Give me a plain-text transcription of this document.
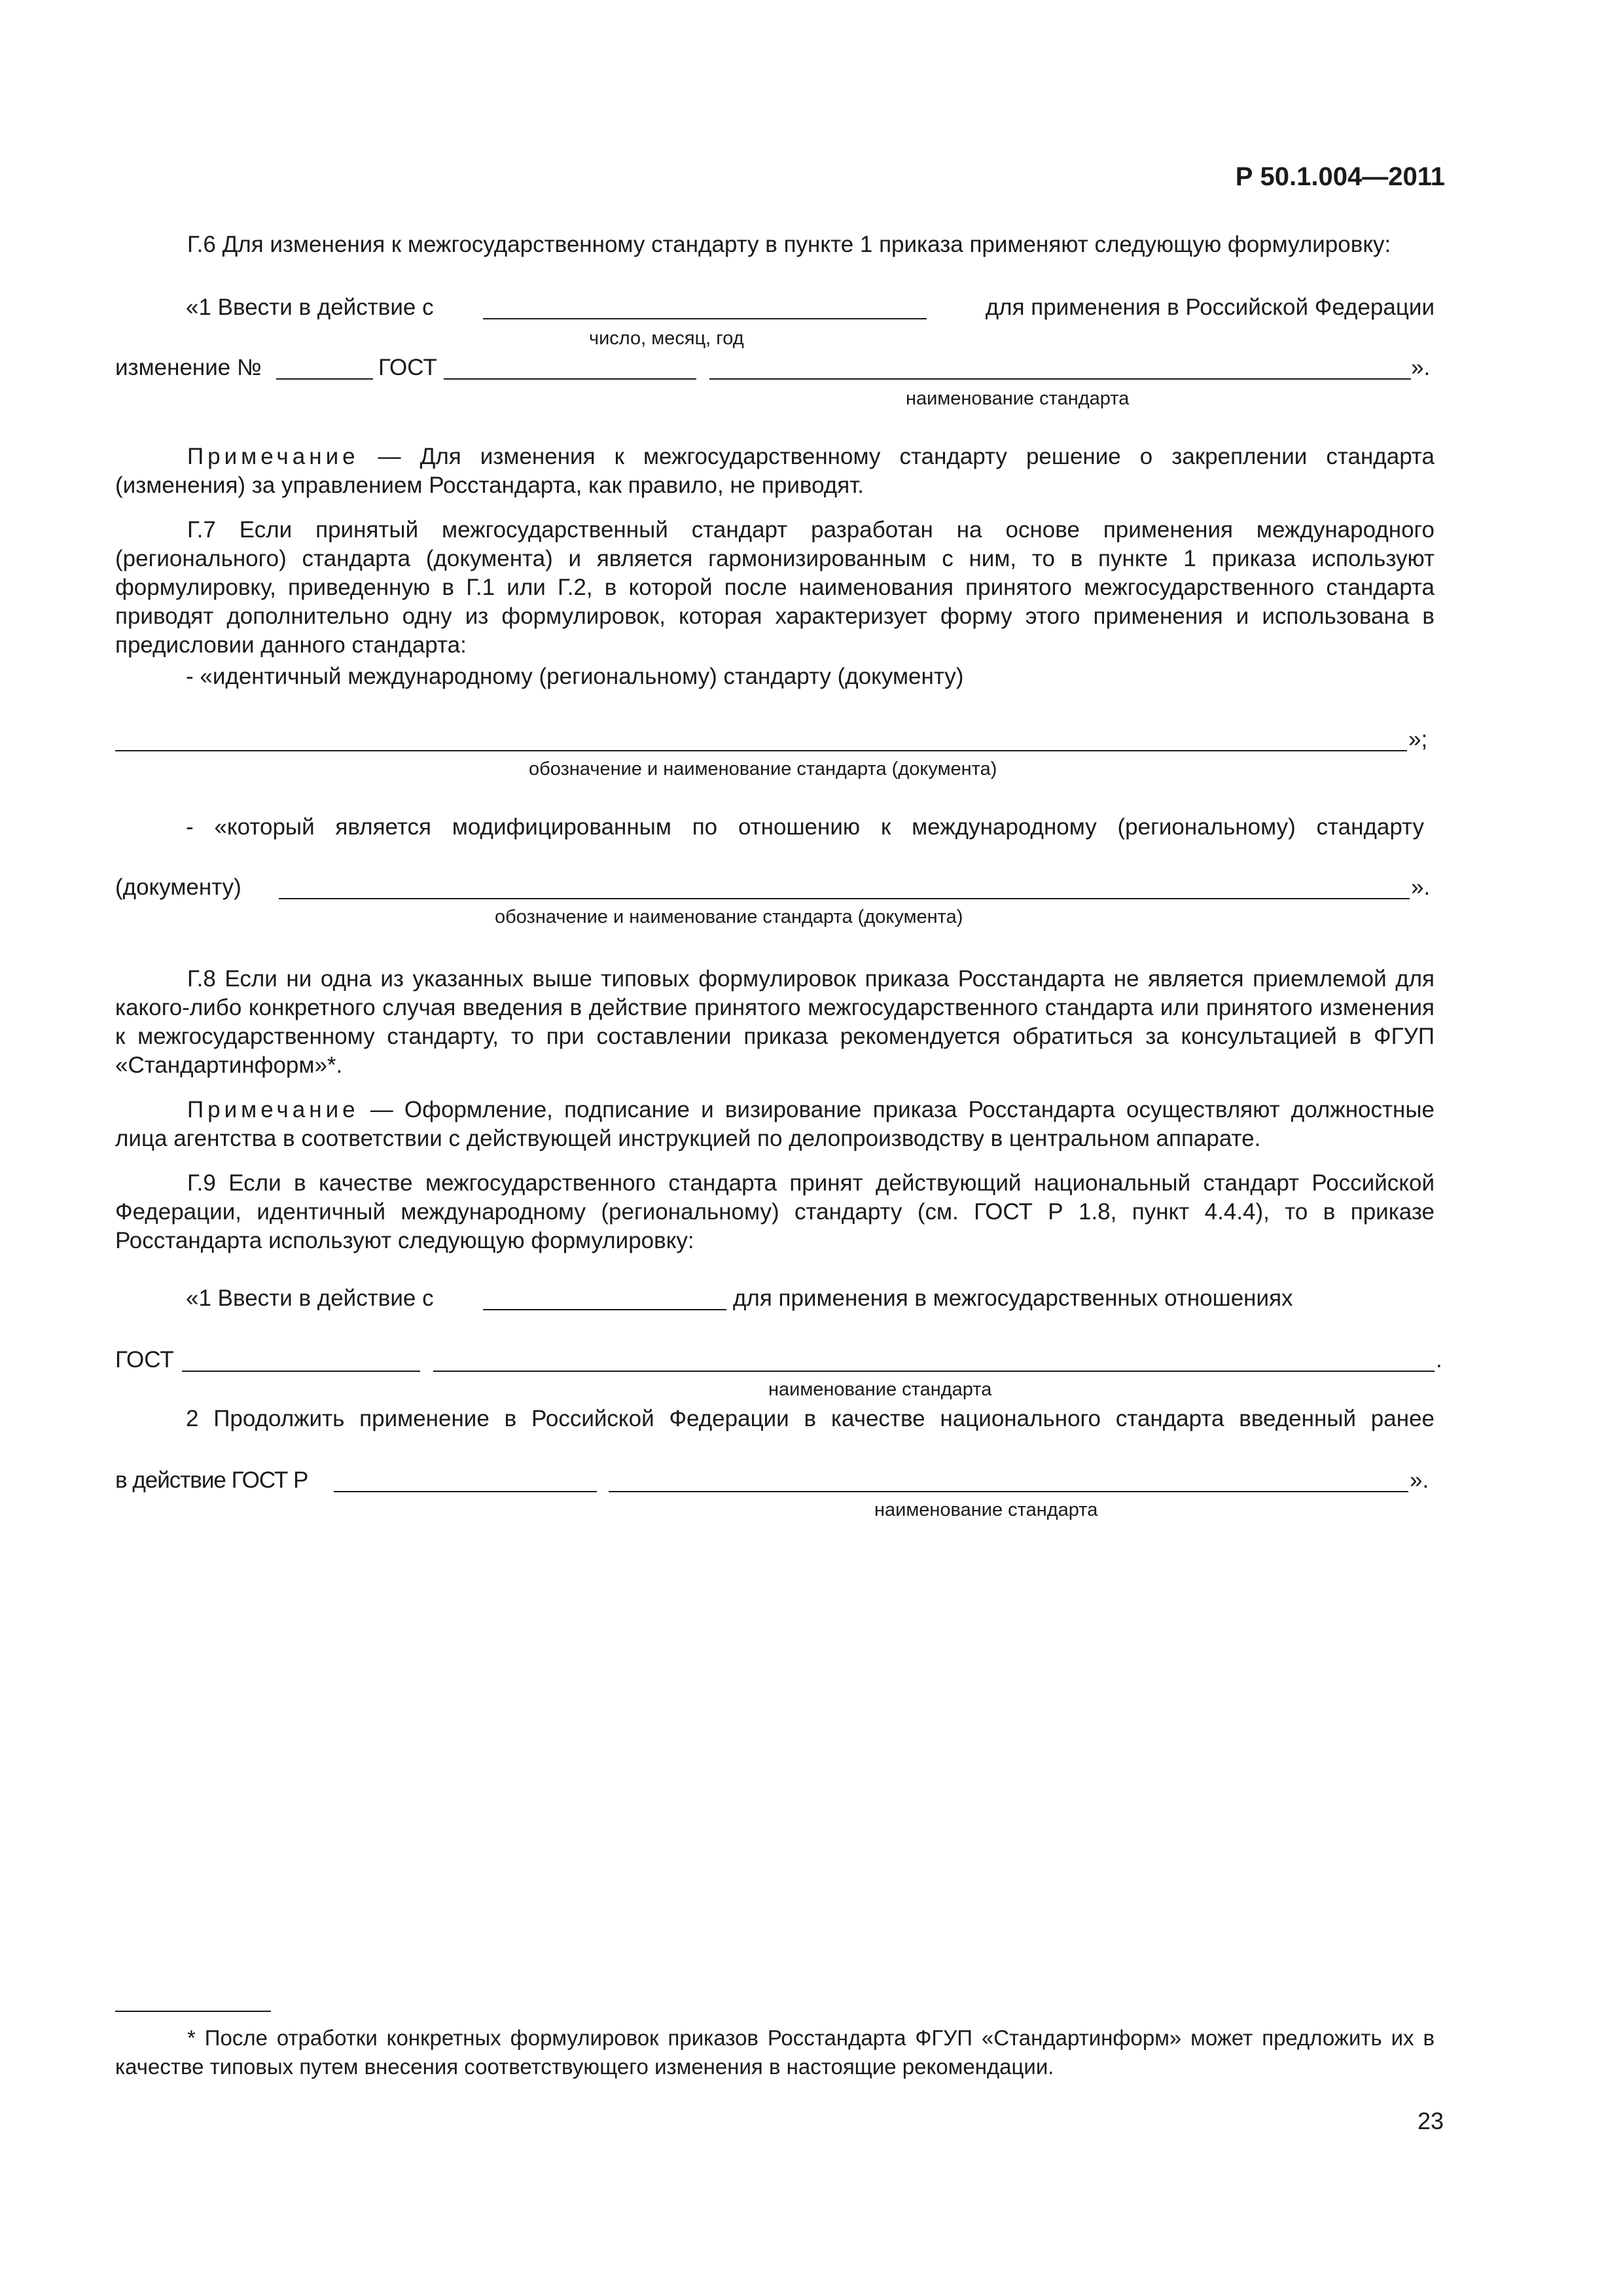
Р 50.1.004—2011

Г.6 Для изменения к межгосударственному стандарту в пункте 1 приказа применяют следующую формулировку:

«1 Ввести в действие с	для применения в Российской Федерации
число, месяц, год
изменение №	ГОСТ	».
наименование стандарта

Примечание — Для изменения к межгосударственному стандарту решение о закреплении стандарта (изменения) за управлением Росстандарта, как правило, не приводят.

Г.7 Если принятый межгосударственный стандарт разработан на основе применения международного (регионального) стандарта (документа) и является гармонизированным с ним, то в пункте 1 приказа используют формулировку, приведенную в Г.1 или Г.2, в которой после наименования принятого межгосударственного стандарта приводят дополнительно одну из формулировок, которая характеризует форму этого применения и использована в предисловии данного стандарта:

- «идентичный международному (региональному) стандарту (документу)
»;
обозначение и наименование стандарта (документа)
- «который является модифицированным по отношению к международному (региональному) стандарту
(документу)	».
обозначение и наименование стандарта (документа)

Г.8 Если ни одна из указанных выше типовых формулировок приказа Росстандарта не является приемлемой для какого-либо конкретного случая введения в действие принятого межгосударственного стандарта или принятого изменения к межгосударственному стандарту, то при составлении приказа рекомендуется обратиться за консультацией в ФГУП «Стандартинформ»*.

Примечание — Оформление, подписание и визирование приказа Росстандарта осуществляют должностные лица агентства в соответствии с действующей инструкцией по делопроизводству в центральном аппарате.

Г.9 Если в качестве межгосударственного стандарта принят действующий национальный стандарт Российской Федерации, идентичный международному (региональному) стандарту (см. ГОСТ Р 1.8, пункт 4.4.4), то в приказе Росстандарта используют следующую формулировку:

«1 Ввести в действие с	для применения в межгосударственных отношениях
ГОСТ	.
наименование стандарта
2 Продолжить применение в Российской Федерации в качестве национального стандарта введенный ранее
в действие ГОСТ Р	».
наименование стандарта

* После отработки конкретных формулировок приказов Росстандарта ФГУП «Стандартинформ» может предложить их в качестве типовых путем внесения соответствующего изменения в настоящие рекомендации.

23
